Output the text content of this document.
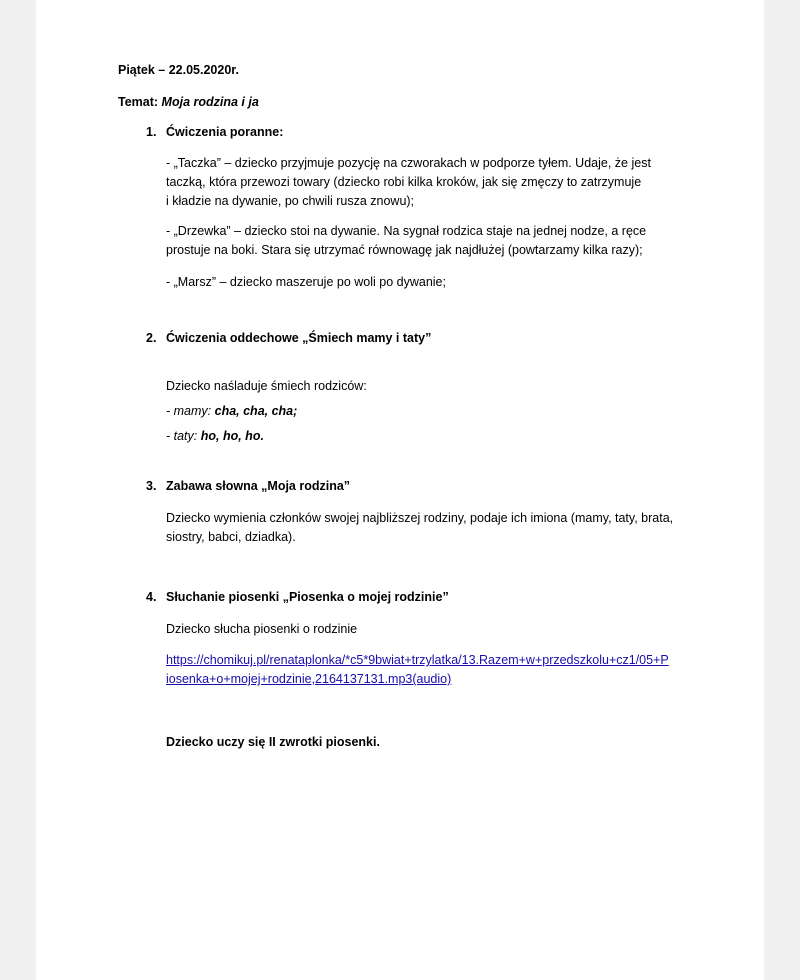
Piątek – 22.05.2020r.
Temat: Moja rodzina i ja
1. Ćwiczenia poranne:
- „Taczka” – dziecko przyjmuje pozycję na czworakach w podporze tyłem. Udaje, że jest
taczką, która przewozi towary (dziecko robi kilka kroków, jak się zmęczy to zatrzymuje
i kładzie na dywanie, po chwili rusza znowu);
- „Drzewka” – dziecko stoi na dywanie. Na sygnał rodzica staje na jednej nodze, a ręce
prostuje na boki. Stara się utrzymać równowagę jak najdłużej (powtarzamy kilka razy);
- „Marsz” – dziecko maszeruje po woli po dywanie;
2. Ćwiczenia oddechowe „Śmiech mamy i taty”
Dziecko naśladuje śmiech rodziców:
- mamy: cha, cha, cha;
- taty: ho, ho, ho.
3. Zabawa słowna „Moja rodzina”
Dziecko wymienia członków swojej najbliższej rodziny, podaje ich imiona (mamy, taty, brata,
siostry, babci, dziadka).
4. Słuchanie piosenki „Piosenka o mojej rodzinie”
Dziecko słucha piosenki o rodzinie
https://chomikuj.pl/renataplonka/*c5*9bwiat+trzylatka/13.Razem+w+przedszkolu+cz1/05+P
iosenka+o+mojej+rodzinie,2164137131.mp3(audio)
Dziecko uczy się II zwrotki piosenki.
